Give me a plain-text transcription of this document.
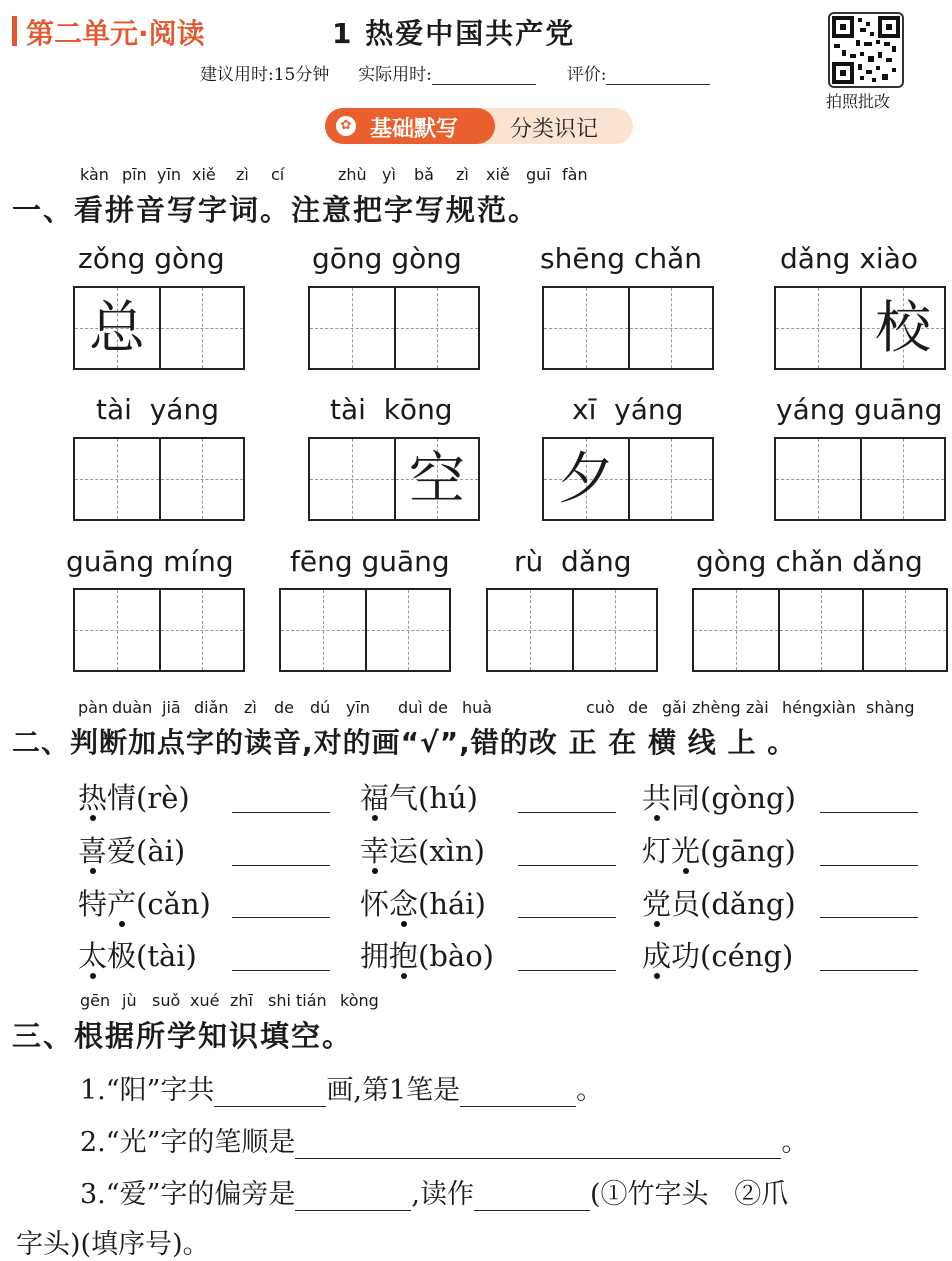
第二单元·阅读	1 热爱中国共产党
建议用时:15分钟 实际用时:	评价:
拍照批改
✿ 基础默写 分类识记
kàn pīn yīn xiě zì cí	zhù yì bǎ zì xiě guī fàn
一、看拼音写字词。注意把字写规范。
zǒng gòng
总
gōng gòng	shēng chǎn	dǎng xiào
校
tài  yáng	tài  kōng
空
xī  yáng
夕
yáng guāng
guāng míng fēng guāng rù  dǎng gòng chǎn dǎng
pàn duàn jiā diǎn zì de dú yīn duì de huà	cuò de gǎi zhèng zài héng xiàn shàng
二、判断加点字的读音,对的画“√”,错的改 正 在 横 线 上 。
热情(rè)	福气(hú)	共同(gòng)
喜爱(ài)	幸运(xìn)	灯光(gāng)
特产(cǎn)	怀念(hái)	党员(dǎng)
太极(tài)	拥抱(bào)	成功(céng)
gēn jù suǒ xué zhī shi tián kòng
三、根据所学知识填空。
1.“阳”字共	画,第1笔是	。
2.“光”字的笔顺是	。
3.“爱”字的偏旁是	,读作	(①竹字头   ②爪
字头)(填序号)。
